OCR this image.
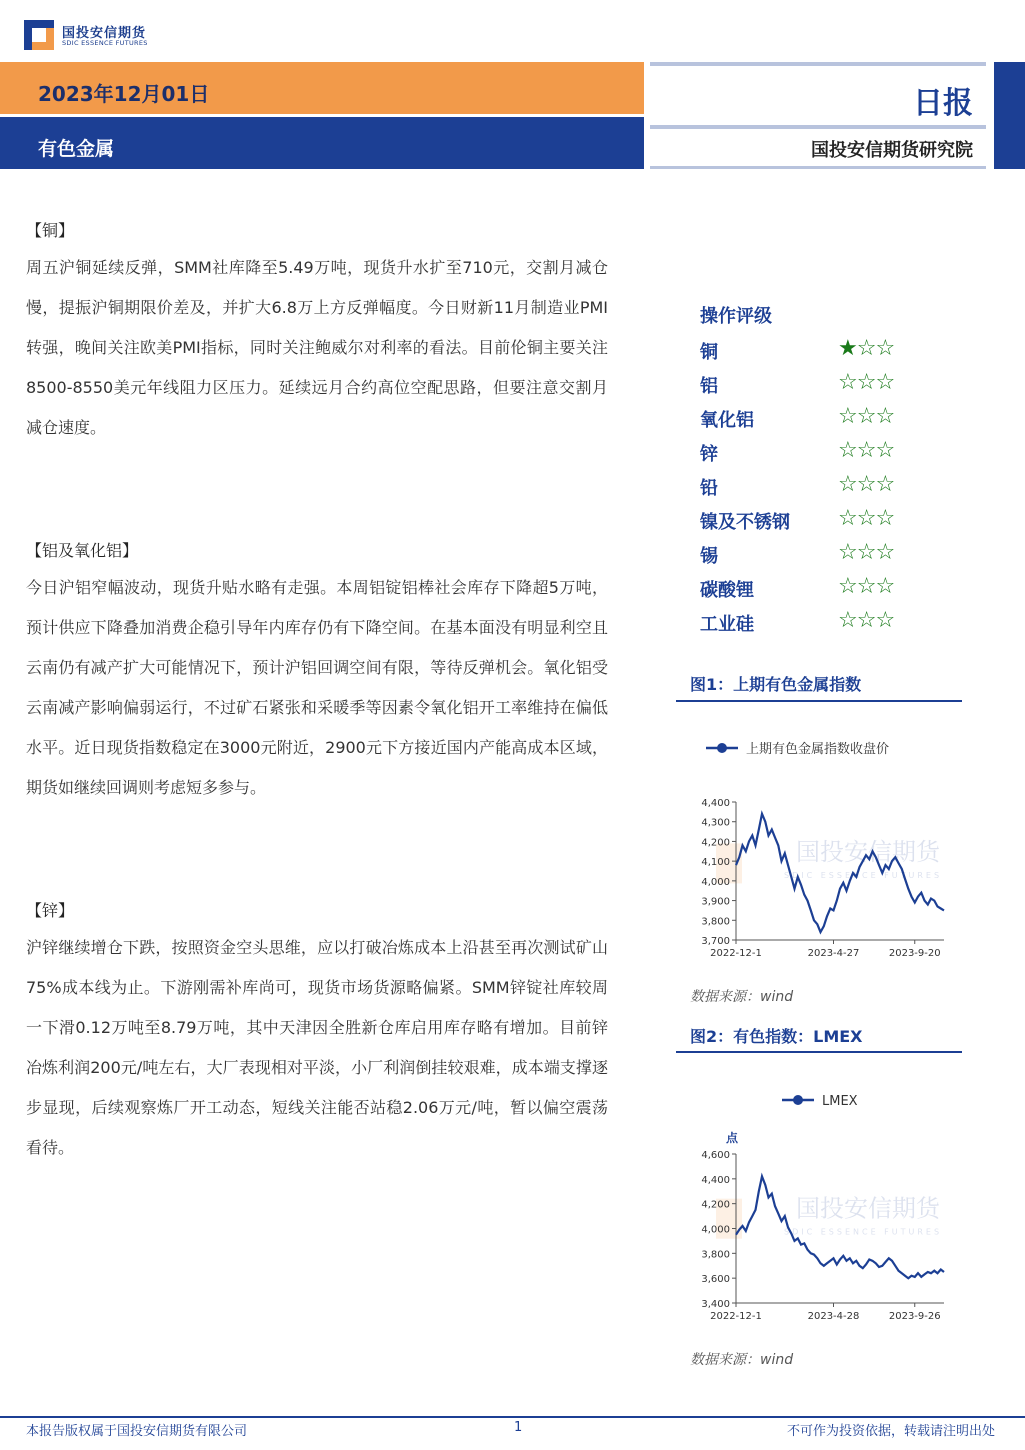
国投安信期货
SDIC ESSENCE FUTURES
2023年12月01日
有色金属
日报
国投安信期货研究院
【铜】
周五沪铜延续反弹，SMM社库降至5.49万吨，现货升水扩至710元，交割月减仓慢，提振沪铜期限价差及，并扩大6.8万上方反弹幅度。今日财新11月制造业PMI转强，晚间关注欧美PMI指标，同时关注鲍威尔对利率的看法。目前伦铜主要关注8500-8550美元年线阻力区压力。延续远月合约高位空配思路，但要注意交割月减仓速度。
【铝及氧化铝】
今日沪铝窄幅波动，现货升贴水略有走强。本周铝锭铝棒社会库存下降超5万吨，预计供应下降叠加消费企稳引导年内库存仍有下降空间。在基本面没有明显利空且云南仍有减产扩大可能情况下，预计沪铝回调空间有限，等待反弹机会。氧化铝受云南减产影响偏弱运行，不过矿石紧张和采暖季等因素令氧化铝开工率维持在偏低水平。近日现货指数稳定在3000元附近，2900元下方接近国内产能高成本区域，期货如继续回调则考虑短多参与。
【锌】
沪锌继续增仓下跌，按照资金空头思维，应以打破冶炼成本上沿甚至再次测试矿山75%成本线为止。下游刚需补库尚可，现货市场货源略偏紧。SMM锌锭社库较周一下滑0.12万吨至8.79万吨，其中天津因全胜新仓库启用库存略有增加。目前锌冶炼利润200元/吨左右，大厂表现相对平淡，小厂利润倒挂较艰难，成本端支撑逐步显现，后续观察炼厂开工动态，短线关注能否站稳2.06万元/吨，暂以偏空震荡看待。
操作评级
铜	★☆☆
铝	☆☆☆
氧化铝	☆☆☆
锌	☆☆☆
铅	☆☆☆
镍及不锈钢 ☆☆☆
锡	☆☆☆
碳酸锂	☆☆☆
工业硅	☆☆☆
图1：上期有色金属指数
上期有色金属指数收盘价
国投安信期货
SDIC ESSENCE FUTURES
3,700
3,800
3,900
4,000
4,100
4,200
4,300
4,400
2022-12-1	2023-4-27	2023-9-20
数据来源：wind
图2：有色指数：LMEX
LMEX
点
国投安信期货
SDIC ESSENCE FUTURES
3,400
3,600
3,800
4,000
4,200
4,400
4,600
2022-12-1	2023-4-28	2023-9-26
数据来源：wind
本报告版权属于国投安信期货有限公司	1	不可作为投资依据，转载请注明出处
